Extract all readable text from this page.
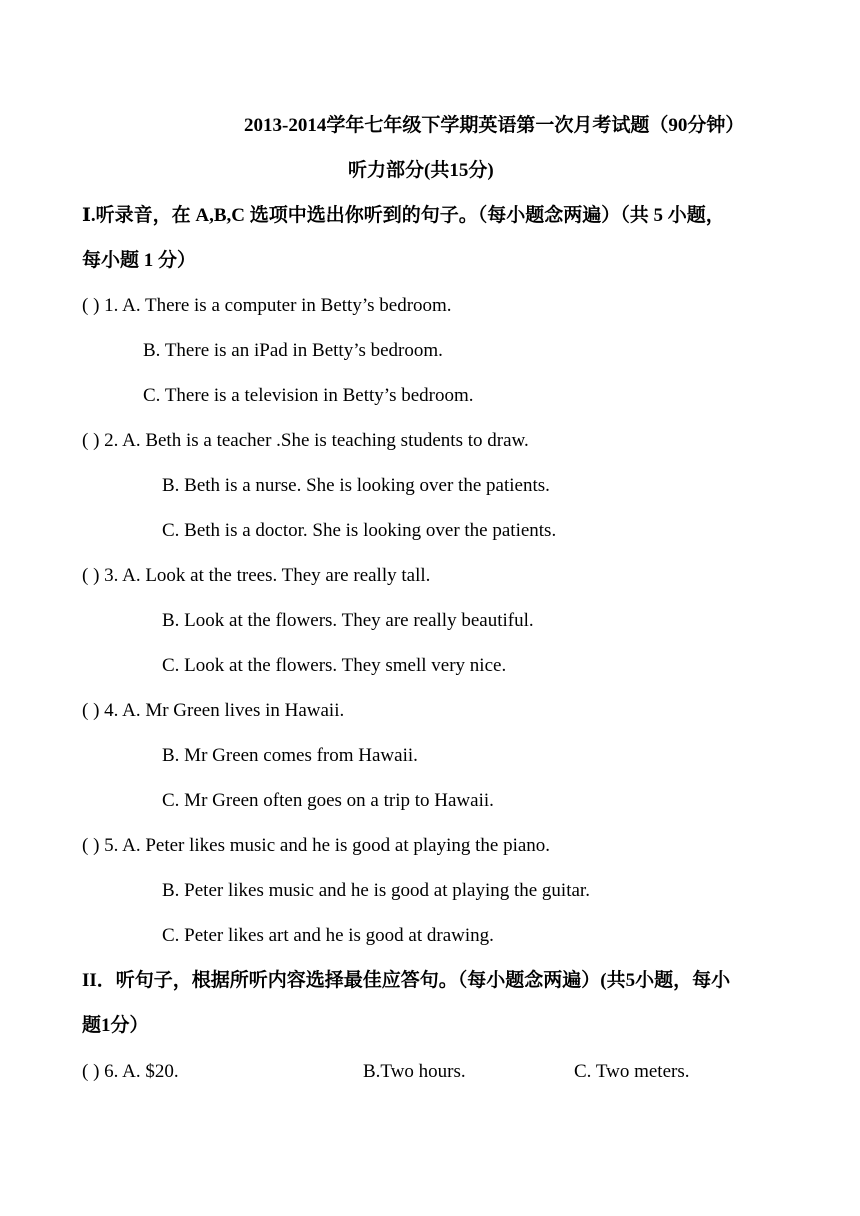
2013-2014学年七年级下学期英语第一次月考试题（90分钟）
听力部分(共15分)
Ⅰ.听录音，在 A,B,C 选项中选出你听到的句子。（每小题念两遍）（共 5 小题，
每小题 1 分）
( ) 1. A. There is a computer in Betty’s bedroom.
B. There is an iPad in Betty’s bedroom.
C. There is a television in Betty’s bedroom.
( ) 2. A. Beth is a teacher .She is teaching students to draw.
B. Beth is a nurse. She is looking over the patients.
C. Beth is a doctor. She is looking over the patients.
( ) 3. A. Look at the trees. They are really tall.
B. Look at the flowers. They are really beautiful.
C. Look at the flowers. They smell very nice.
( ) 4. A. Mr Green lives in Hawaii.
B. Mr Green comes from Hawaii.
C. Mr Green often goes on a trip to Hawaii.
( ) 5. A. Peter likes music and he is good at playing the piano.
B. Peter likes music and he is good at playing the guitar.
C. Peter likes art and he is good at drawing.
II．听句子，根据所听内容选择最佳应答句。（每小题念两遍）(共5小题，每小
题1分）
( ) 6. A. $20.	B.Two hours.	C. Two meters.
